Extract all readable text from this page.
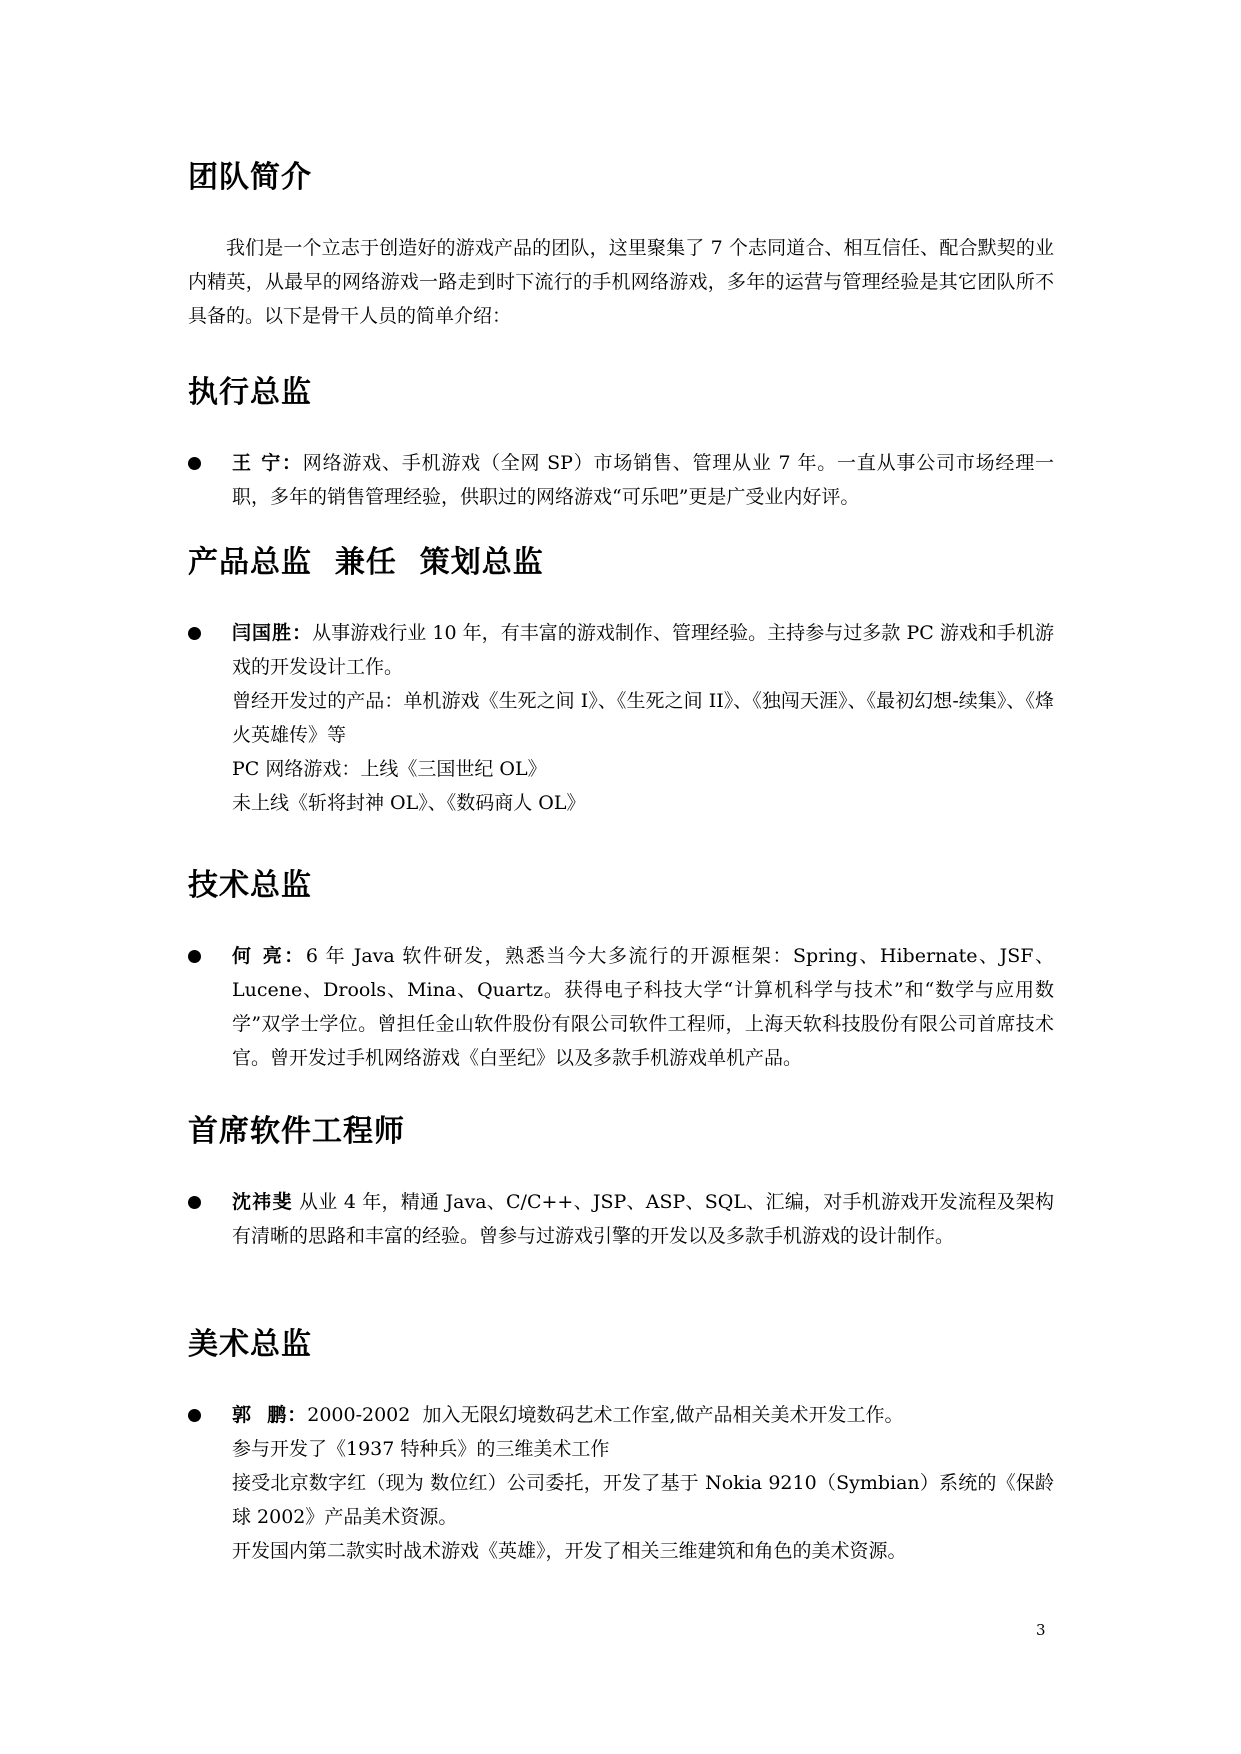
团队简介

我们是一个立志于创造好的游戏产品的团队，这里聚集了 7 个志同道合、相互信任、配合默契的业内精英，从最早的网络游戏一路走到时下流行的手机网络游戏，多年的运营与管理经验是其它团队所不具备的。以下是骨干人员的简单介绍：

执行总监

王 宁：网络游戏、手机游戏（全网 SP）市场销售、管理从业 7 年。一直从事公司市场经理一职，多年的销售管理经验，供职过的网络游戏“可乐吧”更是广受业内好评。

产品总监  兼任  策划总监

闫国胜：从事游戏行业 10 年，有丰富的游戏制作、管理经验。主持参与过多款 PC 游戏和手机游戏的开发设计工作。

曾经开发过的产品：单机游戏《生死之间 I》、《生死之间 II》、《独闯天涯》、《最初幻想-续集》、《烽火英雄传》等

PC 网络游戏：上线《三国世纪 OL》

未上线《斩将封神 OL》、《数码商人 OL》

技术总监

何 亮：6 年 Java 软件研发，熟悉当今大多流行的开源框架：Spring、Hibernate、JSF、Lucene、Drools、Mina、Quartz。获得电子科技大学“计算机科学与技术”和“数学与应用数学”双学士学位。曾担任金山软件股份有限公司软件工程师，上海天软科技股份有限公司首席技术官。曾开发过手机网络游戏《白垩纪》以及多款手机游戏单机产品。

首席软件工程师

沈祎斐 从业 4 年，精通 Java、C/C++、JSP、ASP、SQL、汇编，对手机游戏开发流程及架构有清晰的思路和丰富的经验。曾参与过游戏引擎的开发以及多款手机游戏的设计制作。

美术总监

郭  鹏：2000-2002  加入无限幻境数码艺术工作室,做产品相关美术开发工作。

参与开发了《1937 特种兵》的三维美术工作

接受北京数字红（现为 数位红）公司委托，开发了基于 Nokia 9210（Symbian）系统的《保龄球 2002》产品美术资源。

开发国内第二款实时战术游戏《英雄》，开发了相关三维建筑和角色的美术资源。

3
